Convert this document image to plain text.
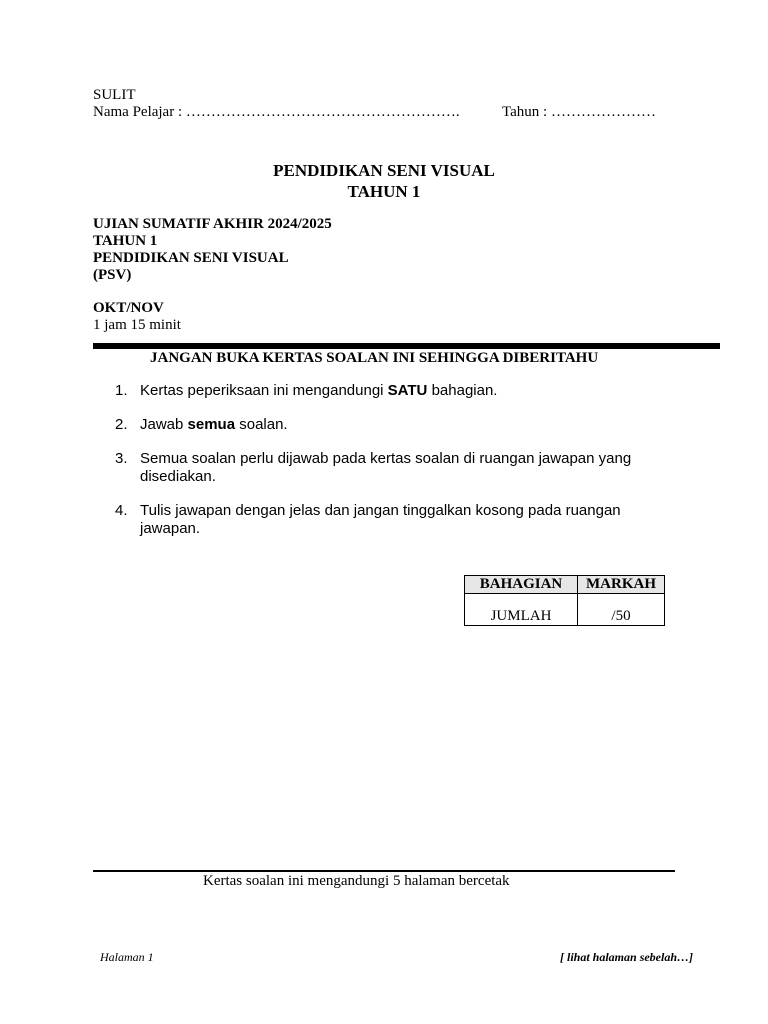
SULIT
Nama Pelajar : ……………………………………………….	Tahun : …………………
PENDIDIKAN SENI VISUAL
TAHUN 1
UJIAN SUMATIF AKHIR 2024/2025
TAHUN 1
PENDIDIKAN SENI VISUAL
(PSV)
OKT/NOV
1 jam 15 minit
JANGAN BUKA KERTAS SOALAN INI SEHINGGA DIBERITAHU
1. Kertas peperiksaan ini mengandungi SATU bahagian.
2. Jawab semua soalan.
3. Semua soalan perlu dijawab pada kertas soalan di ruangan jawapan yang disediakan.
4. Tulis jawapan dengan jelas dan jangan tinggalkan kosong pada ruangan jawapan.
BAHAGIAN	MARKAH
JUMLAH	/50
Kertas soalan ini mengandungi 5 halaman bercetak
Halaman 1	[ lihat halaman sebelah…]
